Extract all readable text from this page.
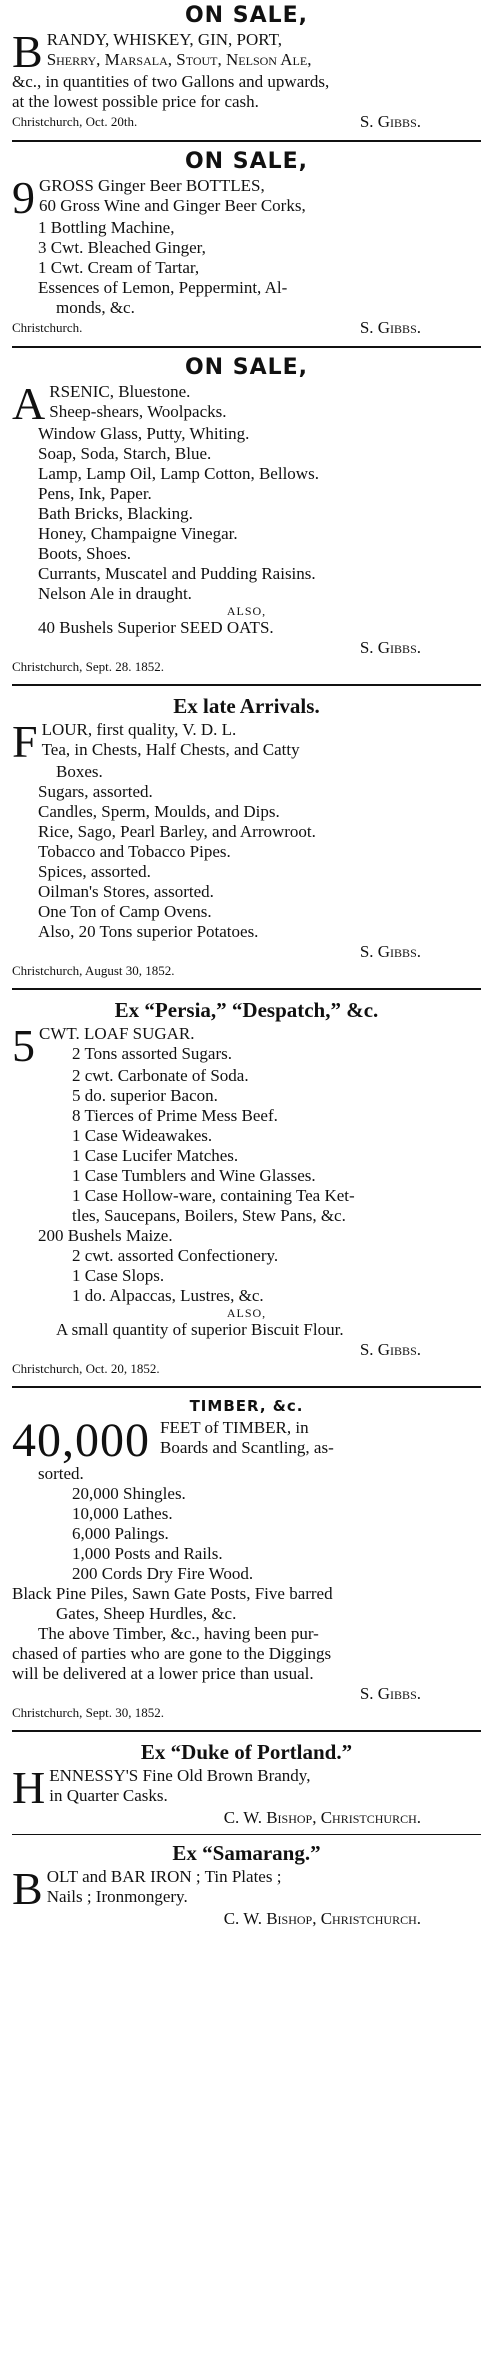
ON SALE,
B RANDY, WHISKEY, GIN, PORT,
Sherry, Marsala, Stout, Nelson Ale,
&c., in quantities of two Gallons and upwards,
at the lowest possible price for cash.
Christchurch, Oct. 20th.	S. Gibbs.
ON SALE,
9 GROSS Ginger Beer BOTTLES,
60 Gross Wine and Ginger Beer Corks,
1 Bottling Machine,
3 Cwt. Bleached Ginger,
1 Cwt. Cream of Tartar,
Essences of Lemon, Peppermint, Al-
monds, &c.
Christchurch.	S. Gibbs.
ON SALE,
A RSENIC, Bluestone.
Sheep-shears, Woolpacks.
Window Glass, Putty, Whiting.
Soap, Soda, Starch, Blue.
Lamp, Lamp Oil, Lamp Cotton, Bellows.
Pens, Ink, Paper.
Bath Bricks, Blacking.
Honey, Champaigne Vinegar.
Boots, Shoes.
Currants, Muscatel and Pudding Raisins.
Nelson Ale in draught.
ALSO,
40 Bushels Superior SEED OATS.
S. Gibbs.
Christchurch, Sept. 28. 1852.
Ex late Arrivals.
F LOUR, first quality, V. D. L.
Tea, in Chests, Half Chests, and Catty
Boxes.
Sugars, assorted.
Candles, Sperm, Moulds, and Dips.
Rice, Sago, Pearl Barley, and Arrowroot.
Tobacco and Tobacco Pipes.
Spices, assorted.
Oilman's Stores, assorted.
One Ton of Camp Ovens.
Also, 20 Tons superior Potatoes.
S. Gibbs.
Christchurch, August 30, 1852.
Ex “Persia,” “Despatch,” &c.
5 CWT. LOAF SUGAR.
2 Tons assorted Sugars.
2 cwt. Carbonate of Soda.
5 do. superior Bacon.
8 Tierces of Prime Mess Beef.
1 Case Wideawakes.
1 Case Lucifer Matches.
1 Case Tumblers and Wine Glasses.
1 Case Hollow-ware, containing Tea Ket-
tles, Saucepans, Boilers, Stew Pans, &c.
200 Bushels Maize.
2 cwt. assorted Confectionery.
1 Case Slops.
1 do. Alpaccas, Lustres, &c.
ALSO,
A small quantity of superior Biscuit Flour.
S. Gibbs.
Christchurch, Oct. 20, 1852.
TIMBER, &c.
40,000 FEET of TIMBER, in
Boards and Scantling, as-
sorted.
20,000 Shingles.
10,000 Lathes.
6,000 Palings.
1,000 Posts and Rails.
200 Cords Dry Fire Wood.
Black Pine Piles, Sawn Gate Posts, Five barred
Gates, Sheep Hurdles, &c.
The above Timber, &c., having been pur-
chased of parties who are gone to the Diggings
will be delivered at a lower price than usual.
S. Gibbs.
Christchurch, Sept. 30, 1852.
Ex “Duke of Portland.”
H ENNESSY'S Fine Old Brown Brandy,
in Quarter Casks.
C. W. Bishop, Christchurch.
Ex “Samarang.”
B OLT and BAR IRON ; Tin Plates ;
Nails ; Ironmongery.
C. W. Bishop, Christchurch.
